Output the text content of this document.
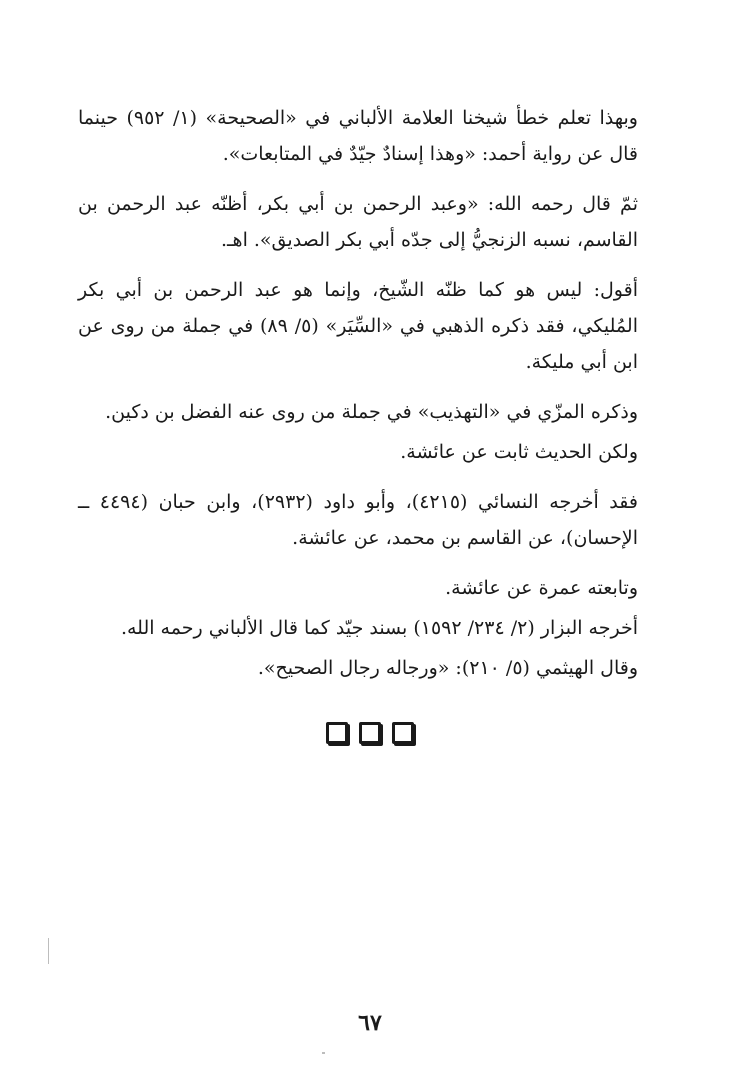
وبهذا تعلم خطأ شيخنا العلامة الألباني في «الصحيحة» (١/ ٩٥٢) حينما قال عن رواية أحمد: «وهذا إسنادٌ جيّدٌ في المتابعات».

ثمّ قال رحمه الله: «وعبد الرحمن بن أبي بكر، أظنّه عبد الرحمن بن القاسم، نسبه الزنجيُّ إلى جدّه أبي بكر الصديق». اهـ.

أقول: ليس هو كما ظنّه الشّيخ، وإنما هو عبد الرحمن بن أبي بكر المُليكي، فقد ذكره الذهبي في «السِّيَر» (٥/ ٨٩) في جملة من روى عن ابن أبي مليكة.

وذكره المزّي في «التهذيب» في جملة من روى عنه الفضل بن دكين.

ولكن الحديث ثابت عن عائشة.

فقد أخرجه النسائي (٤٢١٥)، وأبو داود (٢٩٣٢)، وابن حبان (٤٤٩٤ ــ الإحسان)، عن القاسم بن محمد، عن عائشة.

وتابعته عمرة عن عائشة.

أخرجه البزار (٢/ ٢٣٤/ ١٥٩٢) بسند جيّد كما قال الألباني رحمه الله.

وقال الهيثمي (٥/ ٢١٠): «ورجاله رجال الصحيح».

٦٧
